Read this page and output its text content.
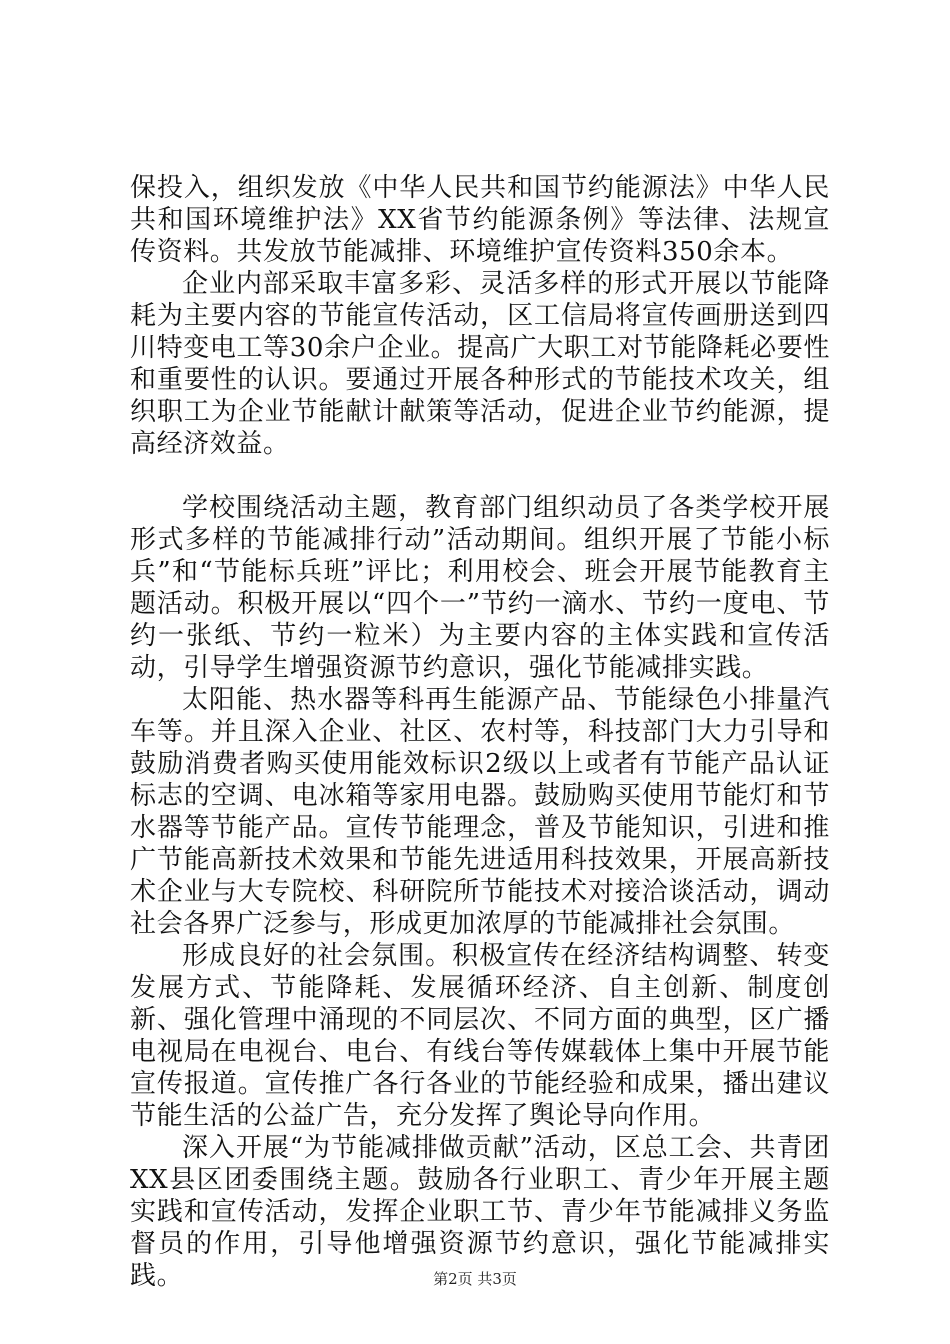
保投入，组织发放《中华人民共和国节约能源法》中华人民共和国环境维护法》XX省节约能源条例》等法律、法规宣传资料。共发放节能减排、环境维护宣传资料350余本。

企业内部采取丰富多彩、灵活多样的形式开展以节能降耗为主要内容的节能宣传活动，区工信局将宣传画册送到四川特变电工等30余户企业。提高广大职工对节能降耗必要性和重要性的认识。要通过开展各种形式的节能技术攻关，组织职工为企业节能献计献策等活动，促进企业节约能源，提高经济效益。

学校围绕活动主题，教育部门组织动员了各类学校开展形式多样的节能减排行动”活动期间。组织开展了节能小标兵”和“节能标兵班”评比；利用校会、班会开展节能教育主题活动。积极开展以“四个一”节约一滴水、节约一度电、节约一张纸、节约一粒米）为主要内容的主体实践和宣传活动，引导学生增强资源节约意识，强化节能减排实践。

太阳能、热水器等科再生能源产品、节能绿色小排量汽车等。并且深入企业、社区、农村等，科技部门大力引导和鼓励消费者购买使用能效标识2级以上或者有节能产品认证标志的空调、电冰箱等家用电器。鼓励购买使用节能灯和节水器等节能产品。宣传节能理念，普及节能知识，引进和推广节能高新技术效果和节能先进适用科技效果，开展高新技术企业与大专院校、科研院所节能技术对接洽谈活动，调动社会各界广泛参与，形成更加浓厚的节能减排社会氛围。

形成良好的社会氛围。积极宣传在经济结构调整、转变发展方式、节能降耗、发展循环经济、自主创新、制度创新、强化管理中涌现的不同层次、不同方面的典型，区广播电视局在电视台、电台、有线台等传媒载体上集中开展节能宣传报道。宣传推广各行各业的节能经验和成果，播出建议节能生活的公益广告，充分发挥了舆论导向作用。

深入开展“为节能减排做贡献”活动，区总工会、共青团XX县区团委围绕主题。鼓励各行业职工、青少年开展主题实践和宣传活动，发挥企业职工节、青少年节能减排义务监督员的作用，引导他增强资源节约意识，强化节能减排实践。	第2页 共3页
